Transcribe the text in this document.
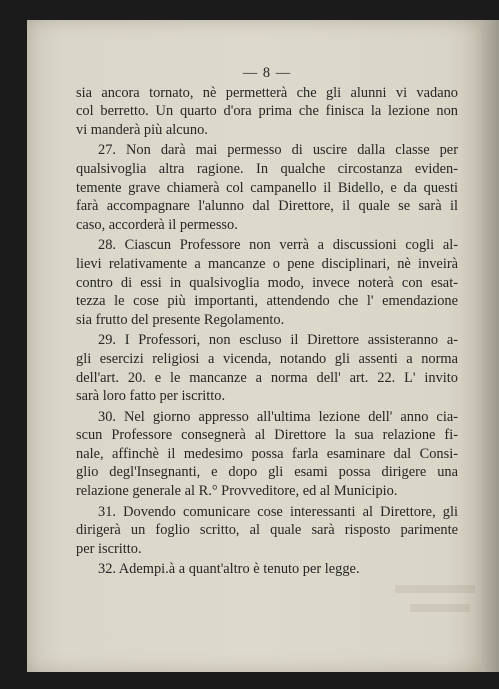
— 8 —
sia ancora tornato, nè permetterà che gli alunni vi vadano
col berretto. Un quarto d'ora prima che finisca la lezione non
vi manderà più alcuno.
27. Non darà mai permesso di uscire dalla classe per
qualsivoglia altra ragione. In qualche circostanza eviden-
temente grave chiamerà col campanello il Bidello, e da questi
farà accompagnare l'alunno dal Direttore, il quale se sarà il
caso, accorderà il permesso.
28. Ciascun Professore non verrà a discussioni cogli al-
lievi relativamente a mancanze o pene disciplinari, nè inveirà
contro di essi in qualsivoglia modo, invece noterà con esat-
tezza le cose più importanti, attendendo che l' emendazione
sia frutto del presente Regolamento.
29. I Professori, non escluso il Direttore assisteranno a-
gli esercizi religiosi a vicenda, notando gli assenti a norma
dell'art. 20. e le mancanze a norma dell' art. 22. L' invito
sarà loro fatto per iscritto.
30. Nel giorno appresso all'ultima lezione dell' anno cia-
scun Professore consegnerà al Direttore la sua relazione fi-
nale, affinchè il medesimo possa farla esaminare dal Consi-
glio degl'Insegnanti, e dopo gli esami possa dirigere una
relazione generale al R.° Provveditore, ed al Municipio.
31. Dovendo comunicare cose interessanti al Direttore, gli
dirigerà un foglio scritto, al quale sarà risposto parimente
per iscritto.
32. Adempi.à a quant'altro è tenuto per legge.
